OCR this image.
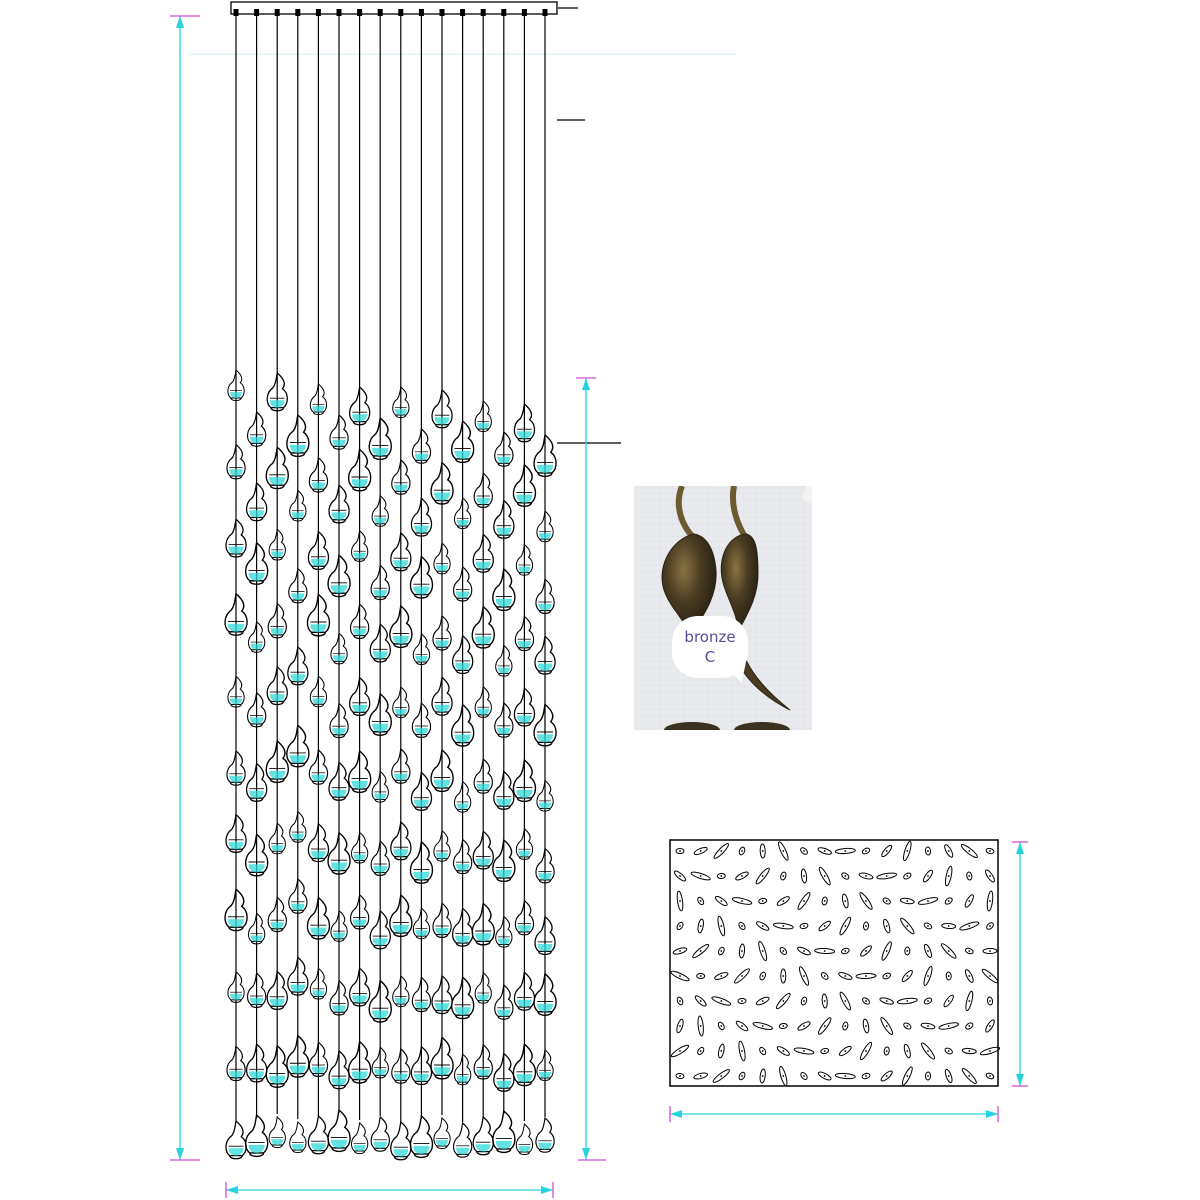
bronze
C
